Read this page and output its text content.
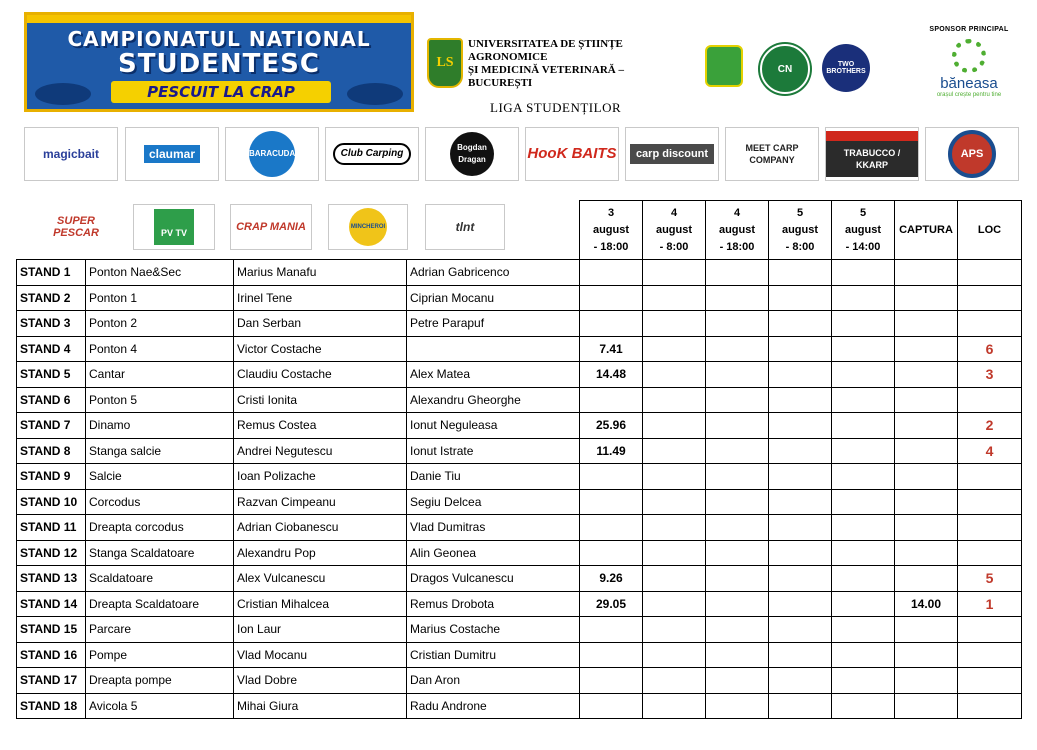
CAMPIONATUL NATIONAL
STUDENTESC
PESCUIT LA CRAP
LS
UNIVERSITATEA DE ȘTIINȚE AGRONOMICE
ȘI MEDICINĂ VETERINARĂ – BUCUREȘTI
LIGA STUDENȚILOR
CN	TWO BROTHERS
SPONSOR PRINCIPAL
băneasa
orașul crește pentru tine
magicbait	claumar	BARACUDA	Club Carping
Bogdan Dragan	HooK BAITS	carp discount	MEET CARP COMPANY
TRABUCCO / KKARP
APS
SUPER PESCAR	PV TV	CRAP MANIA	MINCHEROI	tlnt
				3 august - 18:00	4 august - 8:00	4 august - 18:00	5 august - 8:00	5 august - 14:00	CAPTURA	LOC
STAND 1	Ponton Nae&Sec	Marius Manafu	Adrian Gabricenco							
STAND 2	Ponton 1	Irinel Tene	Ciprian Mocanu							
STAND 3	Ponton 2	Dan Serban	Petre Parapuf							
STAND 4	Ponton 4	Victor Costache		7.41						6
STAND 5	Cantar	Claudiu Costache	Alex Matea	14.48						3
STAND 6	Ponton 5	Cristi Ionita	Alexandru Gheorghe							
STAND 7	Dinamo	Remus Costea	Ionut Neguleasa	25.96						2
STAND 8	Stanga salcie	Andrei Negutescu	Ionut Istrate	11.49						4
STAND 9	Salcie	Ioan Polizache	Danie Tiu							
STAND 10	Corcodus	Razvan Cimpeanu	Segiu Delcea							
STAND 11	Dreapta corcodus	Adrian Ciobanescu	Vlad Dumitras							
STAND 12	Stanga Scaldatoare	Alexandru Pop	Alin Geonea							
STAND 13	Scaldatoare	Alex Vulcanescu	Dragos Vulcanescu	9.26						5
STAND 14	Dreapta Scaldatoare	Cristian Mihalcea	Remus Drobota	29.05					14.00	1
STAND 15	Parcare	Ion Laur	Marius Costache							
STAND 16	Pompe	Vlad Mocanu	Cristian Dumitru							
STAND 17	Dreapta pompe	Vlad Dobre	Dan Aron							
STAND 18	Avicola 5	Mihai Giura	Radu Androne							
